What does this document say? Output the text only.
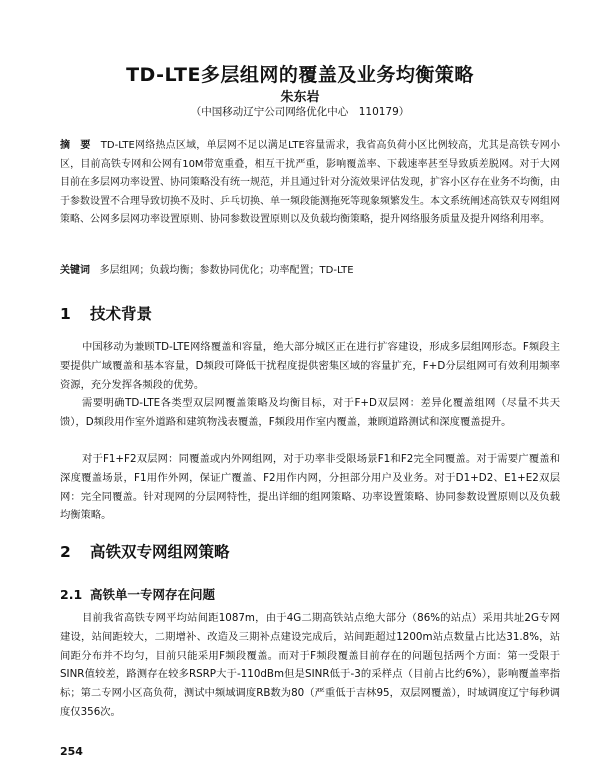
TD-LTE多层组网的覆盖及业务均衡策略
朱东岩
（中国移动辽宁公司网络优化中心　110179）

摘　要 TD-LTE网络热点区域，单层网不足以满足LTE容量需求，我省高负荷小区比例较高，尤其是高铁专网小区，目前高铁专网和公网有10M带宽重叠，相互干扰严重，影响覆盖率、下载速率甚至导致质差脱网。对于大网目前在多层网功率设置、协同策略没有统一规范，并且通过针对分流效果评估发现，扩容小区存在业务不均衡，由于参数设置不合理导致切换不及时、乒乓切换、单一频段能测拖死等现象频繁发生。本文系统阐述高铁双专网组网策略、公网多层网功率设置原则、协同参数设置原则以及负载均衡策略，提升网络服务质量及提升网络利用率。

关键词 多层组网；负载均衡；参数协同优化；功率配置；TD-LTE
1 技术背景

中国移动为兼顾TD-LTE网络覆盖和容量，绝大部分城区正在进行扩容建设，形成多层组网形态。F频段主要提供广域覆盖和基本容量，D频段可降低干扰程度提供密集区域的容量扩充，F+D分层组网可有效利用频率资源，充分发挥各频段的优势。

需要明确TD-LTE各类型双层网覆盖策略及均衡目标，对于F+D双层网：差异化覆盖组网（尽量不共天馈），D频段用作室外道路和建筑物浅表覆盖，F频段用作室内覆盖，兼顾道路测试和深度覆盖提升。

对于F1+F2双层网：同覆盖或内外网组网，对于功率非受限场景F1和F2完全同覆盖。对于需要广覆盖和深度覆盖场景，F1用作外网，保证广覆盖、F2用作内网，分担部分用户及业务。对于D1+D2、E1+E2双层网：完全同覆盖。针对现网的分层网特性，提出详细的组网策略、功率设置策略、协同参数设置原则以及负载均衡策略。

2 高铁双专网组网策略
2.1 高铁单一专网存在问题

目前我省高铁专网平均站间距1087m，由于4G二期高铁站点绝大部分（86%的站点）采用共址2G专网建设，站间距较大，二期增补、改造及三期补点建设完成后，站间距超过1200m站点数量占比达31.8%，站间距分布并不均匀，目前只能采用F频段覆盖。而对于F频段覆盖目前存在的问题包括两个方面：第一受限于SINR值较差，路测存在较多RSRP大于-110dBm但是SINR低于-3的采样点（目前占比约6%），影响覆盖率指标；第二专网小区高负荷，测试中频域调度RB数为80（严重低于吉林95，双层网覆盖），时域调度辽宁每秒调度仅356次。

254
